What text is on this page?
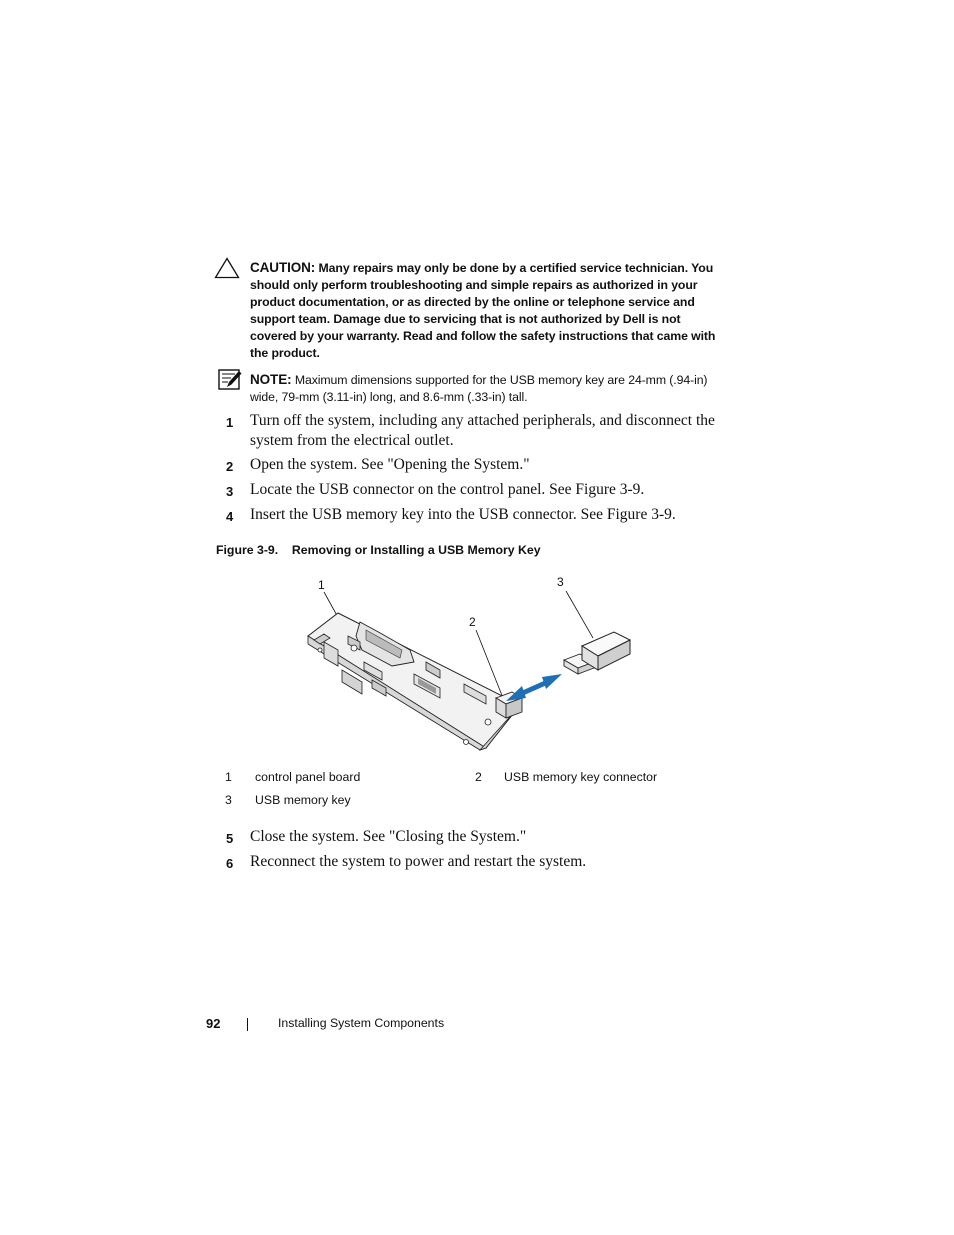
CAUTION: Many repairs may only be done by a certified service technician. You should only perform troubleshooting and simple repairs as authorized in your product documentation, or as directed by the online or telephone service and support team. Damage due to servicing that is not authorized by Dell is not covered by your warranty. Read and follow the safety instructions that came with the product.
NOTE: Maximum dimensions supported for the USB memory key are 24-mm (.94-in) wide, 79-mm (3.11-in) long, and 8.6-mm (.33-in) tall.
1 Turn off the system, including any attached peripherals, and disconnect the system from the electrical outlet.
2 Open the system. See "Opening the System."
3 Locate the USB connector on the control panel. See Figure 3-9.
4 Insert the USB memory key into the USB connector. See Figure 3-9.
Figure 3-9. Removing or Installing a USB Memory Key
1
2
3
1 control panel board	2 USB memory key connector
3 USB memory key
5 Close the system. See "Closing the System."
6 Reconnect the system to power and restart the system.
92	Installing System Components
